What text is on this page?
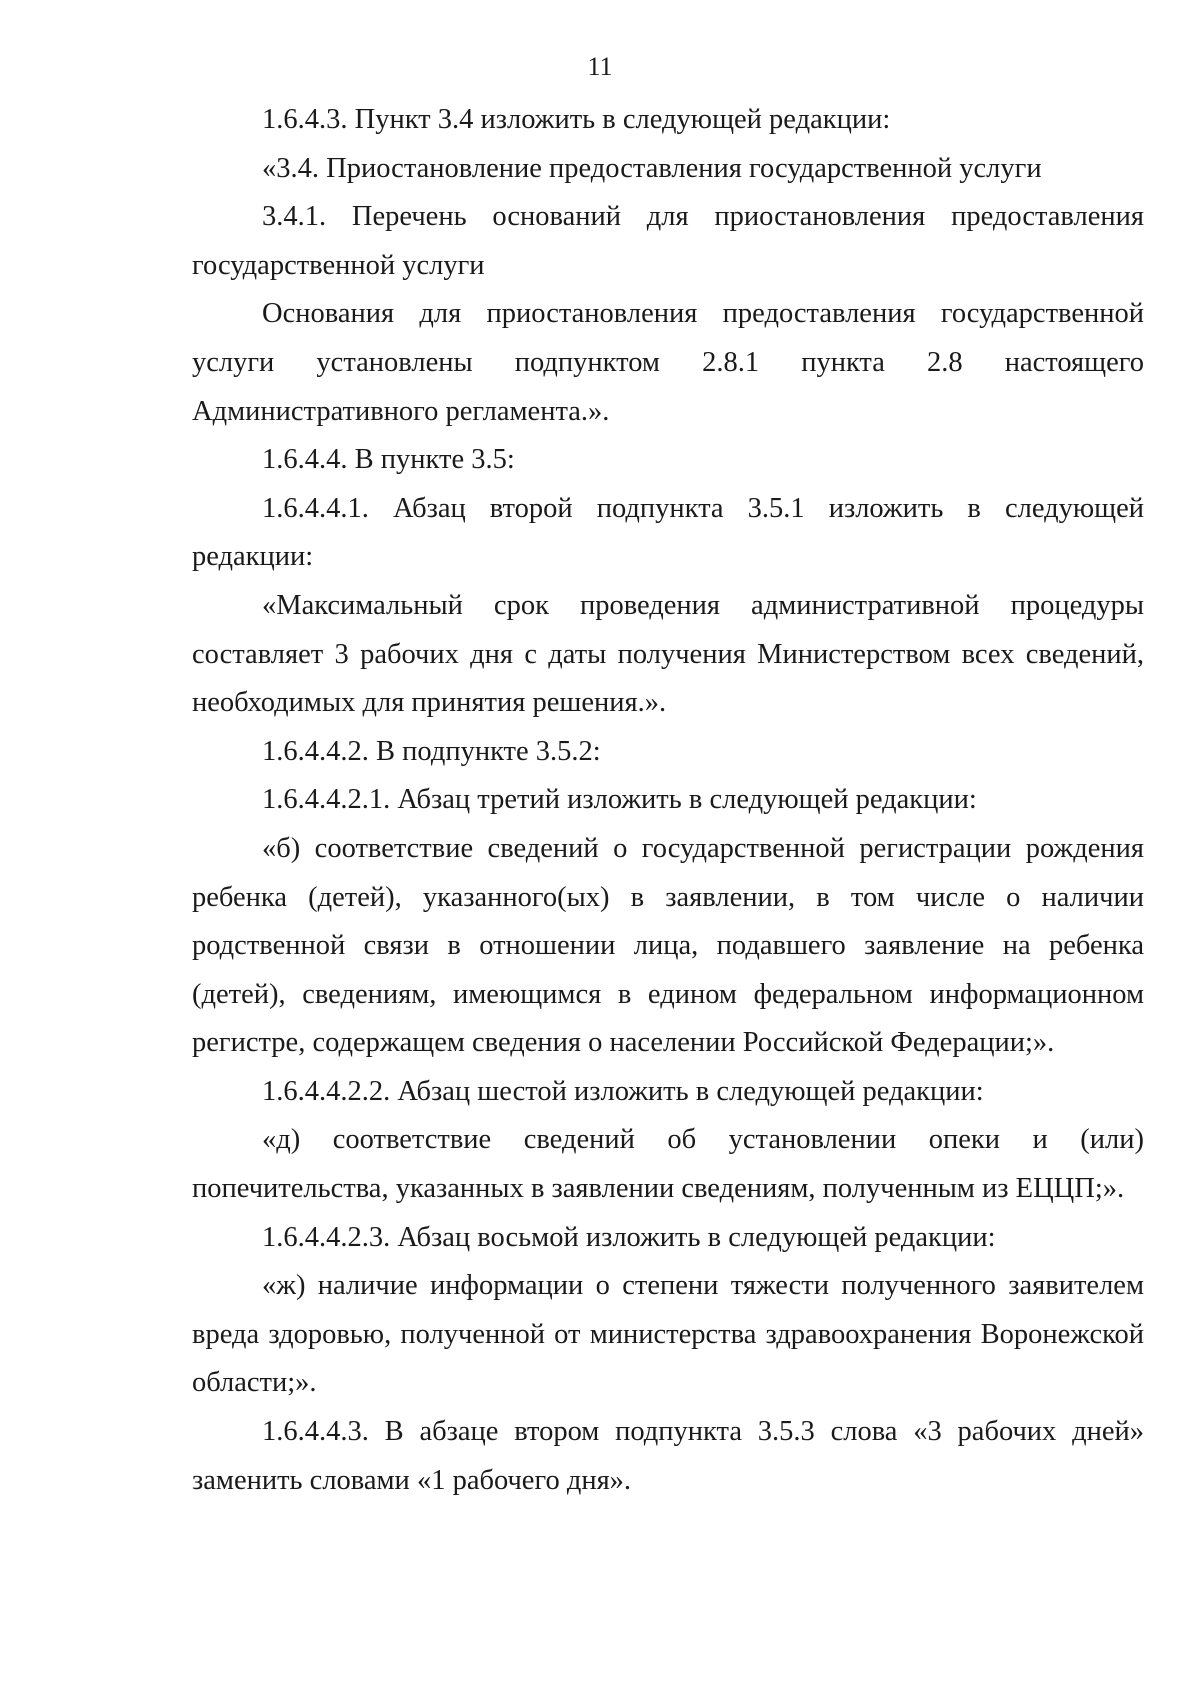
11

1.6.4.3. Пункт 3.4 изложить в следующей редакции:

«3.4. Приостановление предоставления государственной услуги

3.4.1. Перечень оснований для приостановления предоставления государственной услуги

Основания для приостановления предоставления государственной услуги установлены подпунктом 2.8.1 пункта 2.8 настоящего Административного регламента.».

1.6.4.4. В пункте 3.5:

1.6.4.4.1. Абзац второй подпункта 3.5.1 изложить в следующей редакции:

«Максимальный срок проведения административной процедуры составляет 3 рабочих дня с даты получения Министерством всех сведений, необходимых для принятия решения.».

1.6.4.4.2. В подпункте 3.5.2:

1.6.4.4.2.1. Абзац третий изложить в следующей редакции:

«б) соответствие сведений о государственной регистрации рождения ребенка (детей), указанного(ых) в заявлении, в том числе о наличии родственной связи в отношении лица, подавшего заявление на ребенка (детей), сведениям, имеющимся в едином федеральном информационном регистре, содержащем сведения о населении Российской Федерации;».

1.6.4.4.2.2. Абзац шестой изложить в следующей редакции:

«д) соответствие сведений об установлении опеки и (или) попечительства, указанных в заявлении сведениям, полученным из ЕЦЦП;».

1.6.4.4.2.3. Абзац восьмой изложить в следующей редакции:

«ж) наличие информации о степени тяжести полученного заявителем вреда здоровью, полученной от министерства здравоохранения Воронежской области;».

1.6.4.4.3. В абзаце втором подпункта 3.5.3 слова «3 рабочих дней» заменить словами «1 рабочего дня».
